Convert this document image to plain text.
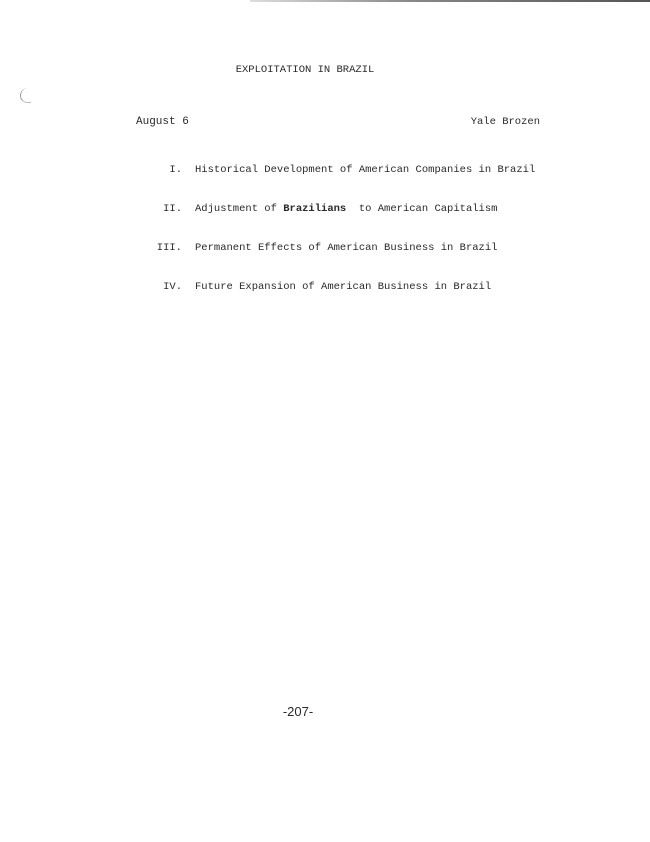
EXPLOITATION IN BRAZIL
August 6	Yale Brozen
I. Historical Development of American Companies in Brazil
II. Adjustment of Brazilians  to American Capitalism
III. Permanent Effects of American Business in Brazil
IV. Future Expansion of American Business in Brazil
-207-
